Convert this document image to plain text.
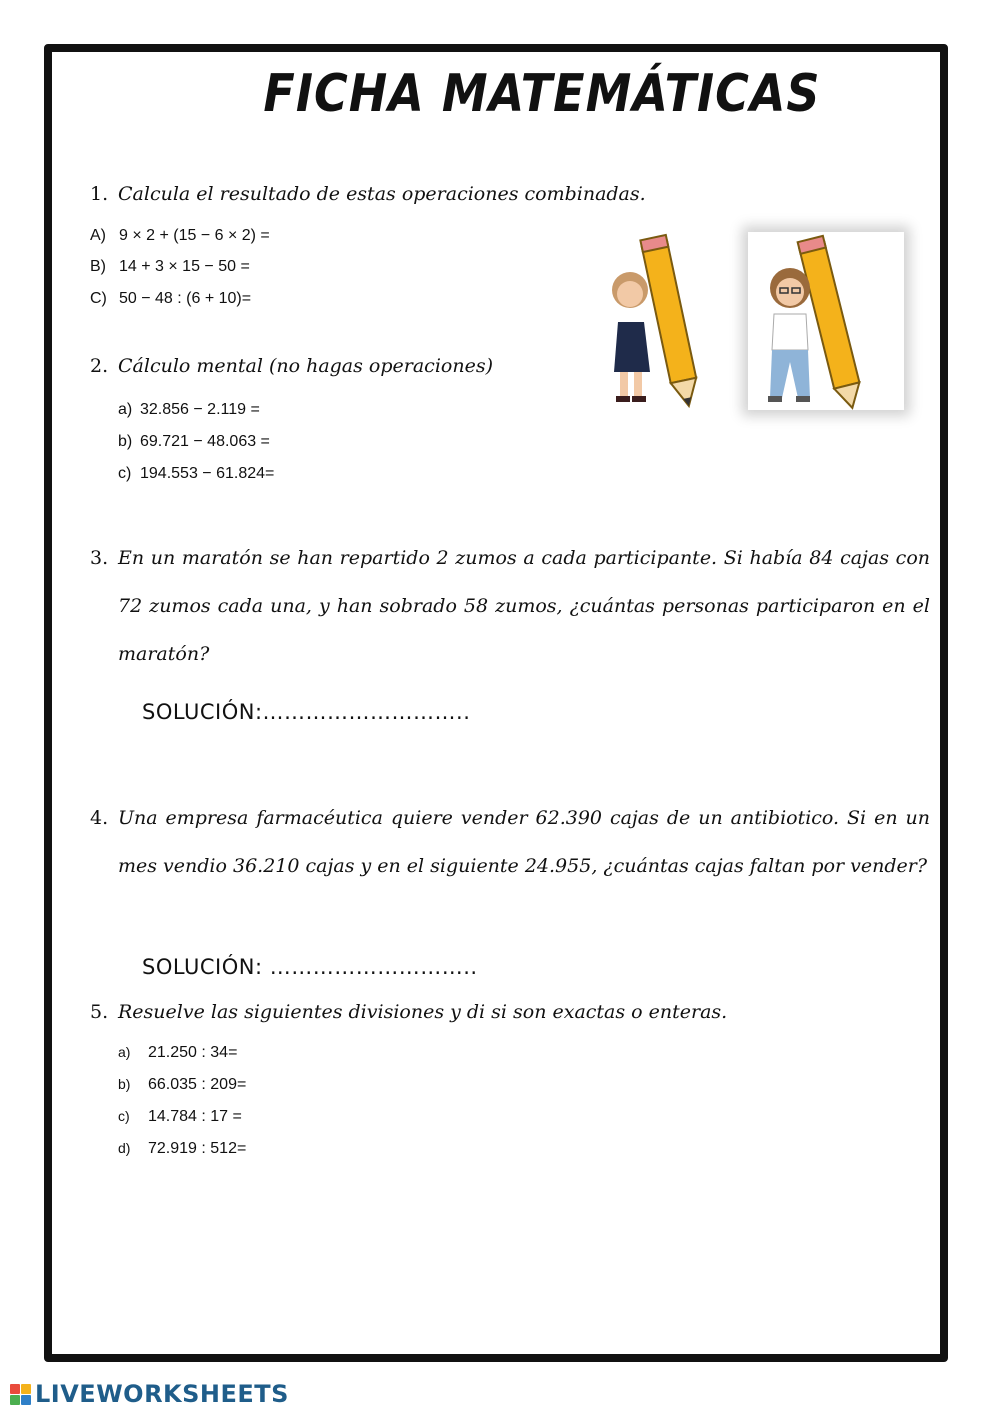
FICHA MATEMÁTICAS
1. Calcula el resultado de estas operaciones combinadas.
A) 9 × 2 + (15 − 6 × 2) =
B) 14 + 3 × 15 − 50 =
C) 50 − 48 : (6 + 10)=
2. Cálculo mental (no hagas operaciones)
a) 32.856 − 2.119 =
b) 69.721 − 48.063 =
c) 194.553 − 61.824=
3. En un maratón se han repartido 2 zumos a cada participante. Si había 84 cajas con 72 zumos cada una, y han sobrado 58 zumos, ¿cuántas personas participaron en el maratón?
SOLUCIÓN:………………………..
4. Una empresa farmacéutica quiere vender 62.390 cajas de un antibiotico. Si en un mes vendio 36.210 cajas y en el siguiente 24.955, ¿cuántas cajas faltan por vender?
SOLUCIÓN: ………………………..
5. Resuelve las siguientes divisiones y di si son exactas o enteras.
a) 21.250 : 34=
b) 66.035 : 209=
c) 14.784 : 17 =
d) 72.919 : 512=
LIVEWORKSHEETS
